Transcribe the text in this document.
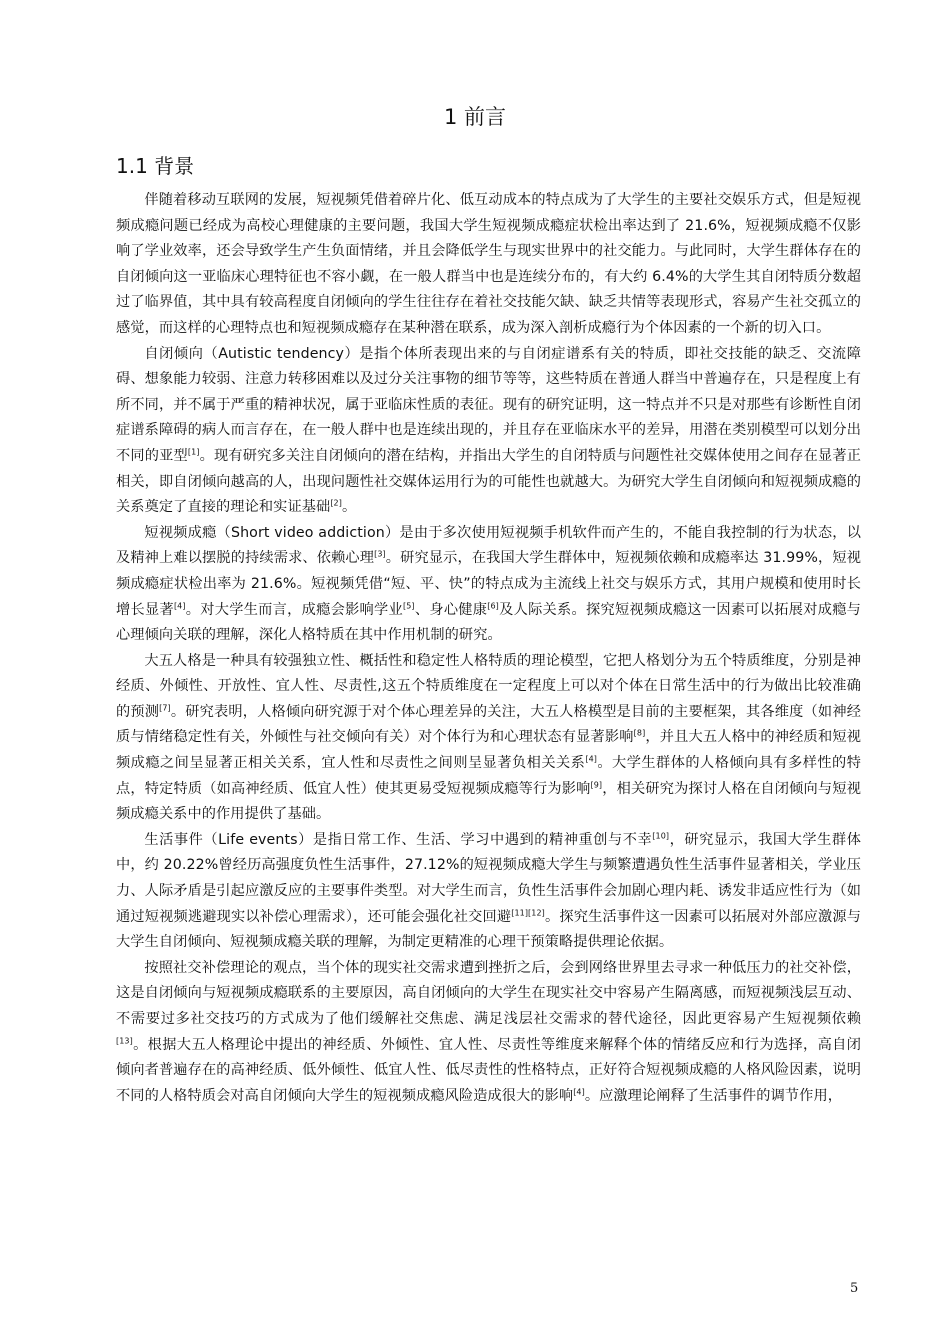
1 前言
1.1 背景

伴随着移动互联网的发展，短视频凭借着碎片化、低互动成本的特点成为了大学生的主要社交娱乐方式，但是短视频成瘾问题已经成为高校心理健康的主要问题，我国大学生短视频成瘾症状检出率达到了 21.6%，短视频成瘾不仅影响了学业效率，还会导致学生产生负面情绪，并且会降低学生与现实世界中的社交能力。与此同时，大学生群体存在的自闭倾向这一亚临床心理特征也不容小觑，在一般人群当中也是连续分布的，有大约 6.4%的大学生其自闭特质分数超过了临界值，其中具有较高程度自闭倾向的学生往往存在着社交技能欠缺、缺乏共情等表现形式，容易产生社交孤立的感觉，而这样的心理特点也和短视频成瘾存在某种潜在联系，成为深入剖析成瘾行为个体因素的一个新的切入口。

自闭倾向（Autistic tendency）是指个体所表现出来的与自闭症谱系有关的特质，即社交技能的缺乏、交流障碍、想象能力较弱、注意力转移困难以及过分关注事物的细节等等，这些特质在普通人群当中普遍存在，只是程度上有所不同，并不属于严重的精神状况，属于亚临床性质的表征。现有的研究证明，这一特点并不只是对那些有诊断性自闭症谱系障碍的病人而言存在，在一般人群中也是连续出现的，并且存在亚临床水平的差异，用潜在类别模型可以划分出不同的亚型[1]。现有研究多关注自闭倾向的潜在结构，并指出大学生的自闭特质与问题性社交媒体使用之间存在显著正相关，即自闭倾向越高的人，出现问题性社交媒体运用行为的可能性也就越大。为研究大学生自闭倾向和短视频成瘾的关系奠定了直接的理论和实证基础[2]。

短视频成瘾（Short video addiction）是由于多次使用短视频手机软件而产生的，不能自我控制的行为状态，以及精神上难以摆脱的持续需求、依赖心理[3]。研究显示，在我国大学生群体中，短视频依赖和成瘾率达 31.99%，短视频成瘾症状检出率为 21.6%。短视频凭借“短、平、快”的特点成为主流线上社交与娱乐方式，其用户规模和使用时长增长显著[4]。对大学生而言，成瘾会影响学业[5]、身心健康[6]及人际关系。探究短视频成瘾这一因素可以拓展对成瘾与心理倾向关联的理解，深化人格特质在其中作用机制的研究。

大五人格是一种具有较强独立性、概括性和稳定性人格特质的理论模型，它把人格划分为五个特质维度，分别是神经质、外倾性、开放性、宜人性、尽责性,这五个特质维度在一定程度上可以对个体在日常生活中的行为做出比较准确的预测[7]。研究表明，人格倾向研究源于对个体心理差异的关注，大五人格模型是目前的主要框架，其各维度（如神经质与情绪稳定性有关，外倾性与社交倾向有关）对个体行为和心理状态有显著影响[8]，并且大五人格中的神经质和短视频成瘾之间呈显著正相关关系，宜人性和尽责性之间则呈显著负相关关系[4]。大学生群体的人格倾向具有多样性的特点，特定特质（如高神经质、低宜人性）使其更易受短视频成瘾等行为影响[9]，相关研究为探讨人格在自闭倾向与短视频成瘾关系中的作用提供了基础。

生活事件（Life events）是指日常工作、生活、学习中遇到的精神重创与不幸[10]，研究显示，我国大学生群体中，约 20.22%曾经历高强度负性生活事件，27.12%的短视频成瘾大学生与频繁遭遇负性生活事件显著相关，学业压力、人际矛盾是引起应激反应的主要事件类型。对大学生而言，负性生活事件会加剧心理内耗、诱发非适应性行为（如通过短视频逃避现实以补偿心理需求），还可能会强化社交回避[11][12]。探究生活事件这一因素可以拓展对外部应激源与大学生自闭倾向、短视频成瘾关联的理解，为制定更精准的心理干预策略提供理论依据。

按照社交补偿理论的观点，当个体的现实社交需求遭到挫折之后，会到网络世界里去寻求一种低压力的社交补偿，这是自闭倾向与短视频成瘾联系的主要原因，高自闭倾向的大学生在现实社交中容易产生隔离感，而短视频浅层互动、不需要过多社交技巧的方式成为了他们缓解社交焦虑、满足浅层社交需求的替代途径，因此更容易产生短视频依赖[13]。根据大五人格理论中提出的神经质、外倾性、宜人性、尽责性等维度来解释个体的情绪反应和行为选择，高自闭倾向者普遍存在的高神经质、低外倾性、低宜人性、低尽责性的性格特点，正好符合短视频成瘾的人格风险因素，说明不同的人格特质会对高自闭倾向大学生的短视频成瘾风险造成很大的影响[4]。应激理论阐释了生活事件的调节作用，

5
